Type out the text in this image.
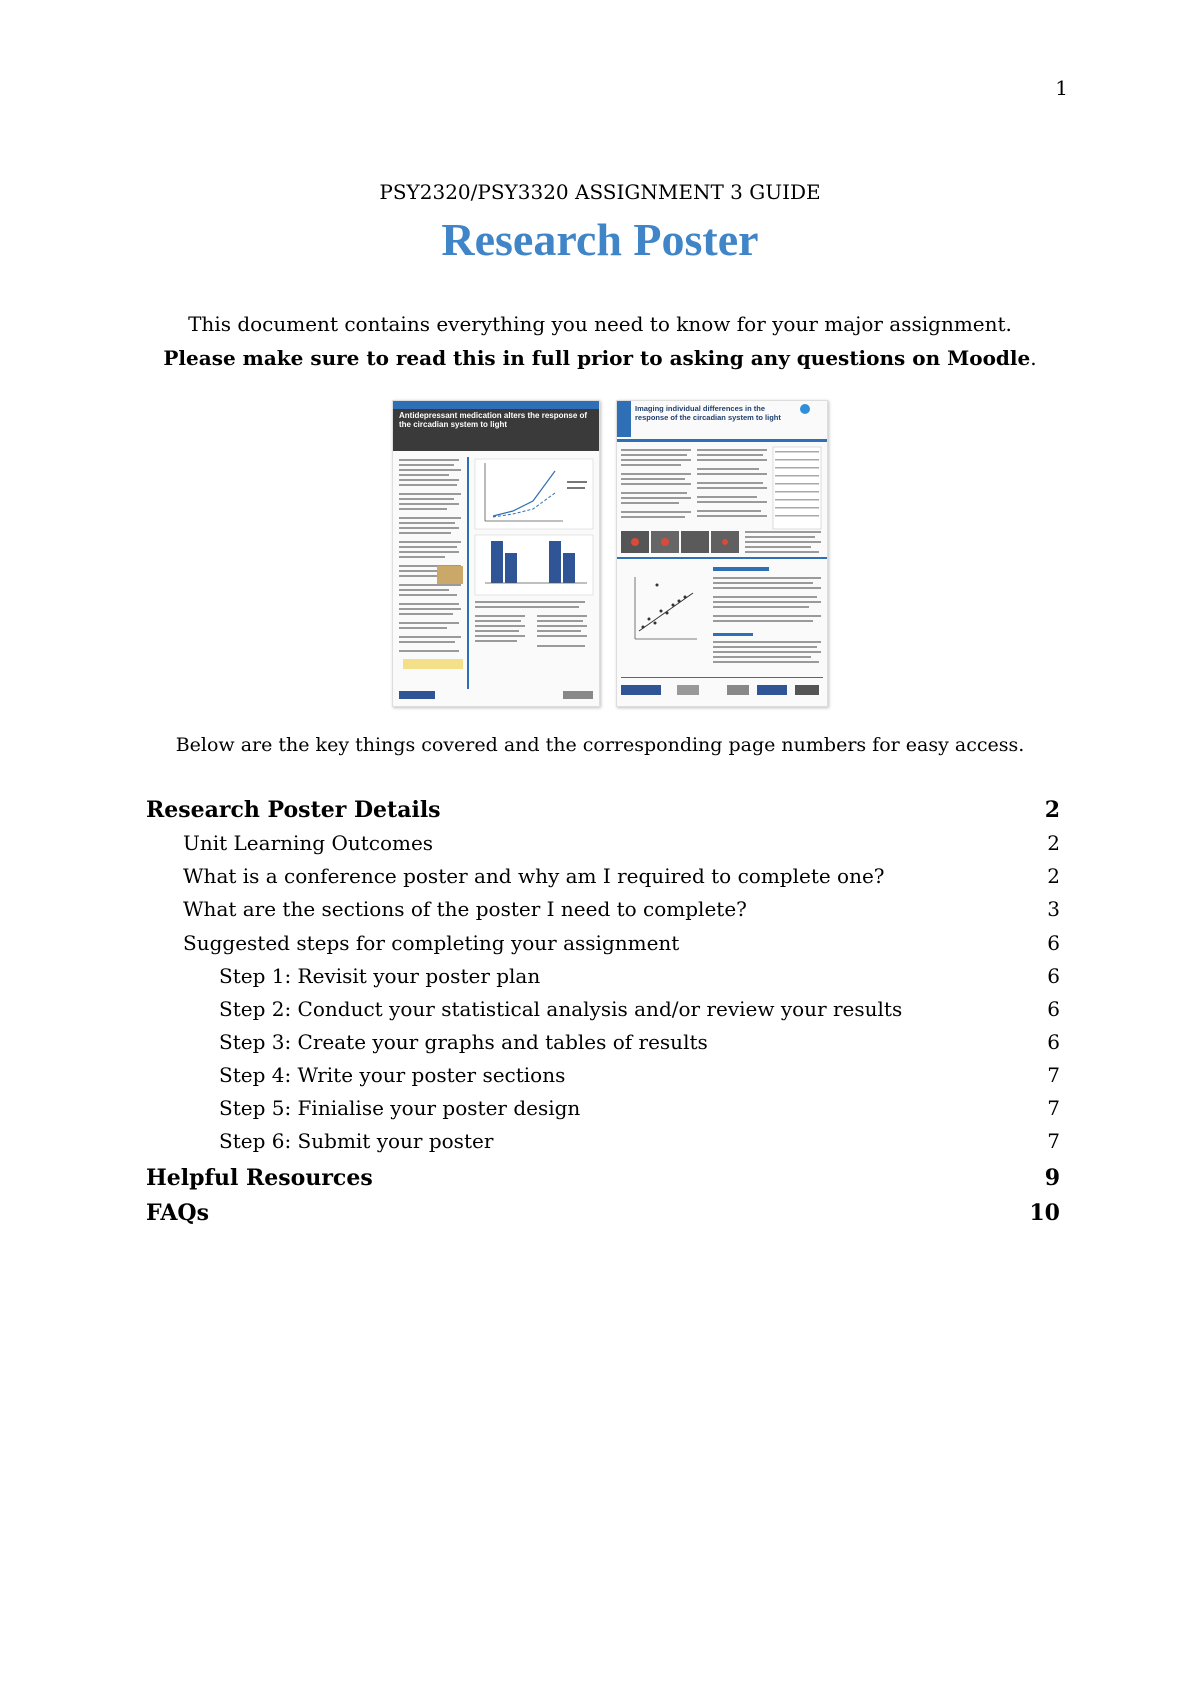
1
PSY2320/PSY3320 ASSIGNMENT 3 GUIDE
Research Poster
This document contains everything you need to know for your major assignment.
Please make sure to read this in full prior to asking any questions on Moodle.
Antidepressant medication alters the response of the circadian system to light
Imaging individual differences in the
response of the circadian system to light
Below are the key things covered and the corresponding page numbers for easy access.
Research Poster Details	2
Unit Learning Outcomes	2
What is a conference poster and why am I required to complete one?	2
What are the sections of the poster I need to complete?	3
Suggested steps for completing your assignment	6
Step 1: Revisit your poster plan	6
Step 2: Conduct your statistical analysis and/or review your results	6
Step 3: Create your graphs and tables of results	6
Step 4: Write your poster sections	7
Step 5: Finialise your poster design	7
Step 6: Submit your poster	7
Helpful Resources	9
FAQs	10
